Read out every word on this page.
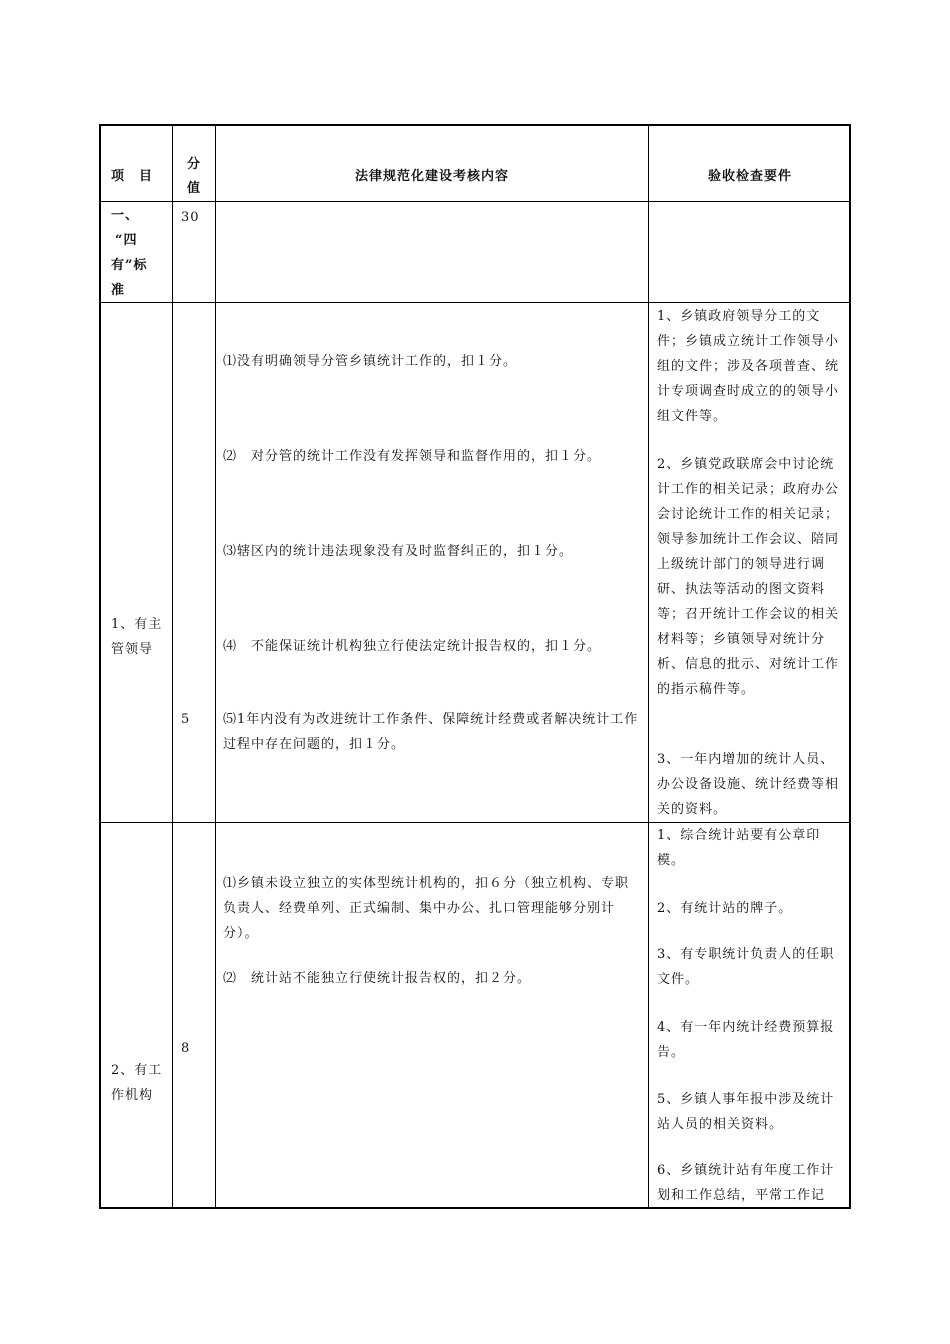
项　目
分
值
法律规范化建设考核内容	验收检查要件
一、
“四
有”标
准
30
1、有主
管领导
5

⑴没有明确领导分管乡镇统计工作的，扣１分。

⑵　对分管的统计工作没有发挥领导和监督作用的，扣１分。

⑶辖区内的统计违法现象没有及时监督纠正的，扣１分。

⑷　不能保证统计机构独立行使法定统计报告权的，扣１分。

⑸1年内没有为改进统计工作条件、保障统计经费或者解决统计工作过程中存在问题的，扣１分。

1、乡镇政府领导分工的文件；乡镇成立统计工作领导小组的文件；涉及各项普查、统计专项调查时成立的的领导小组文件等。

2、乡镇党政联席会中讨论统计工作的相关记录；政府办公会讨论统计工作的相关记录；领导参加统计工作会议、陪同上级统计部门的领导进行调研、执法等活动的图文资料等；召开统计工作会议的相关材料等；乡镇领导对统计分析、信息的批示、对统计工作的指示稿件等。

3、一年内增加的统计人员、办公设备设施、统计经费等相关的资料。

2、有工
作机构
8

⑴乡镇未设立独立的实体型统计机构的，扣６分（独立机构、专职负责人、经费单列、正式编制、集中办公、扎口管理能够分别计分）。

⑵　统计站不能独立行使统计报告权的，扣２分。

1、综合统计站要有公章印模。

2、有统计站的牌子。

3、有专职统计负责人的任职文件。

4、有一年内统计经费预算报告。

5、乡镇人事年报中涉及统计站人员的相关资料。

6、乡镇统计站有年度工作计划和工作总结，平常工作记
